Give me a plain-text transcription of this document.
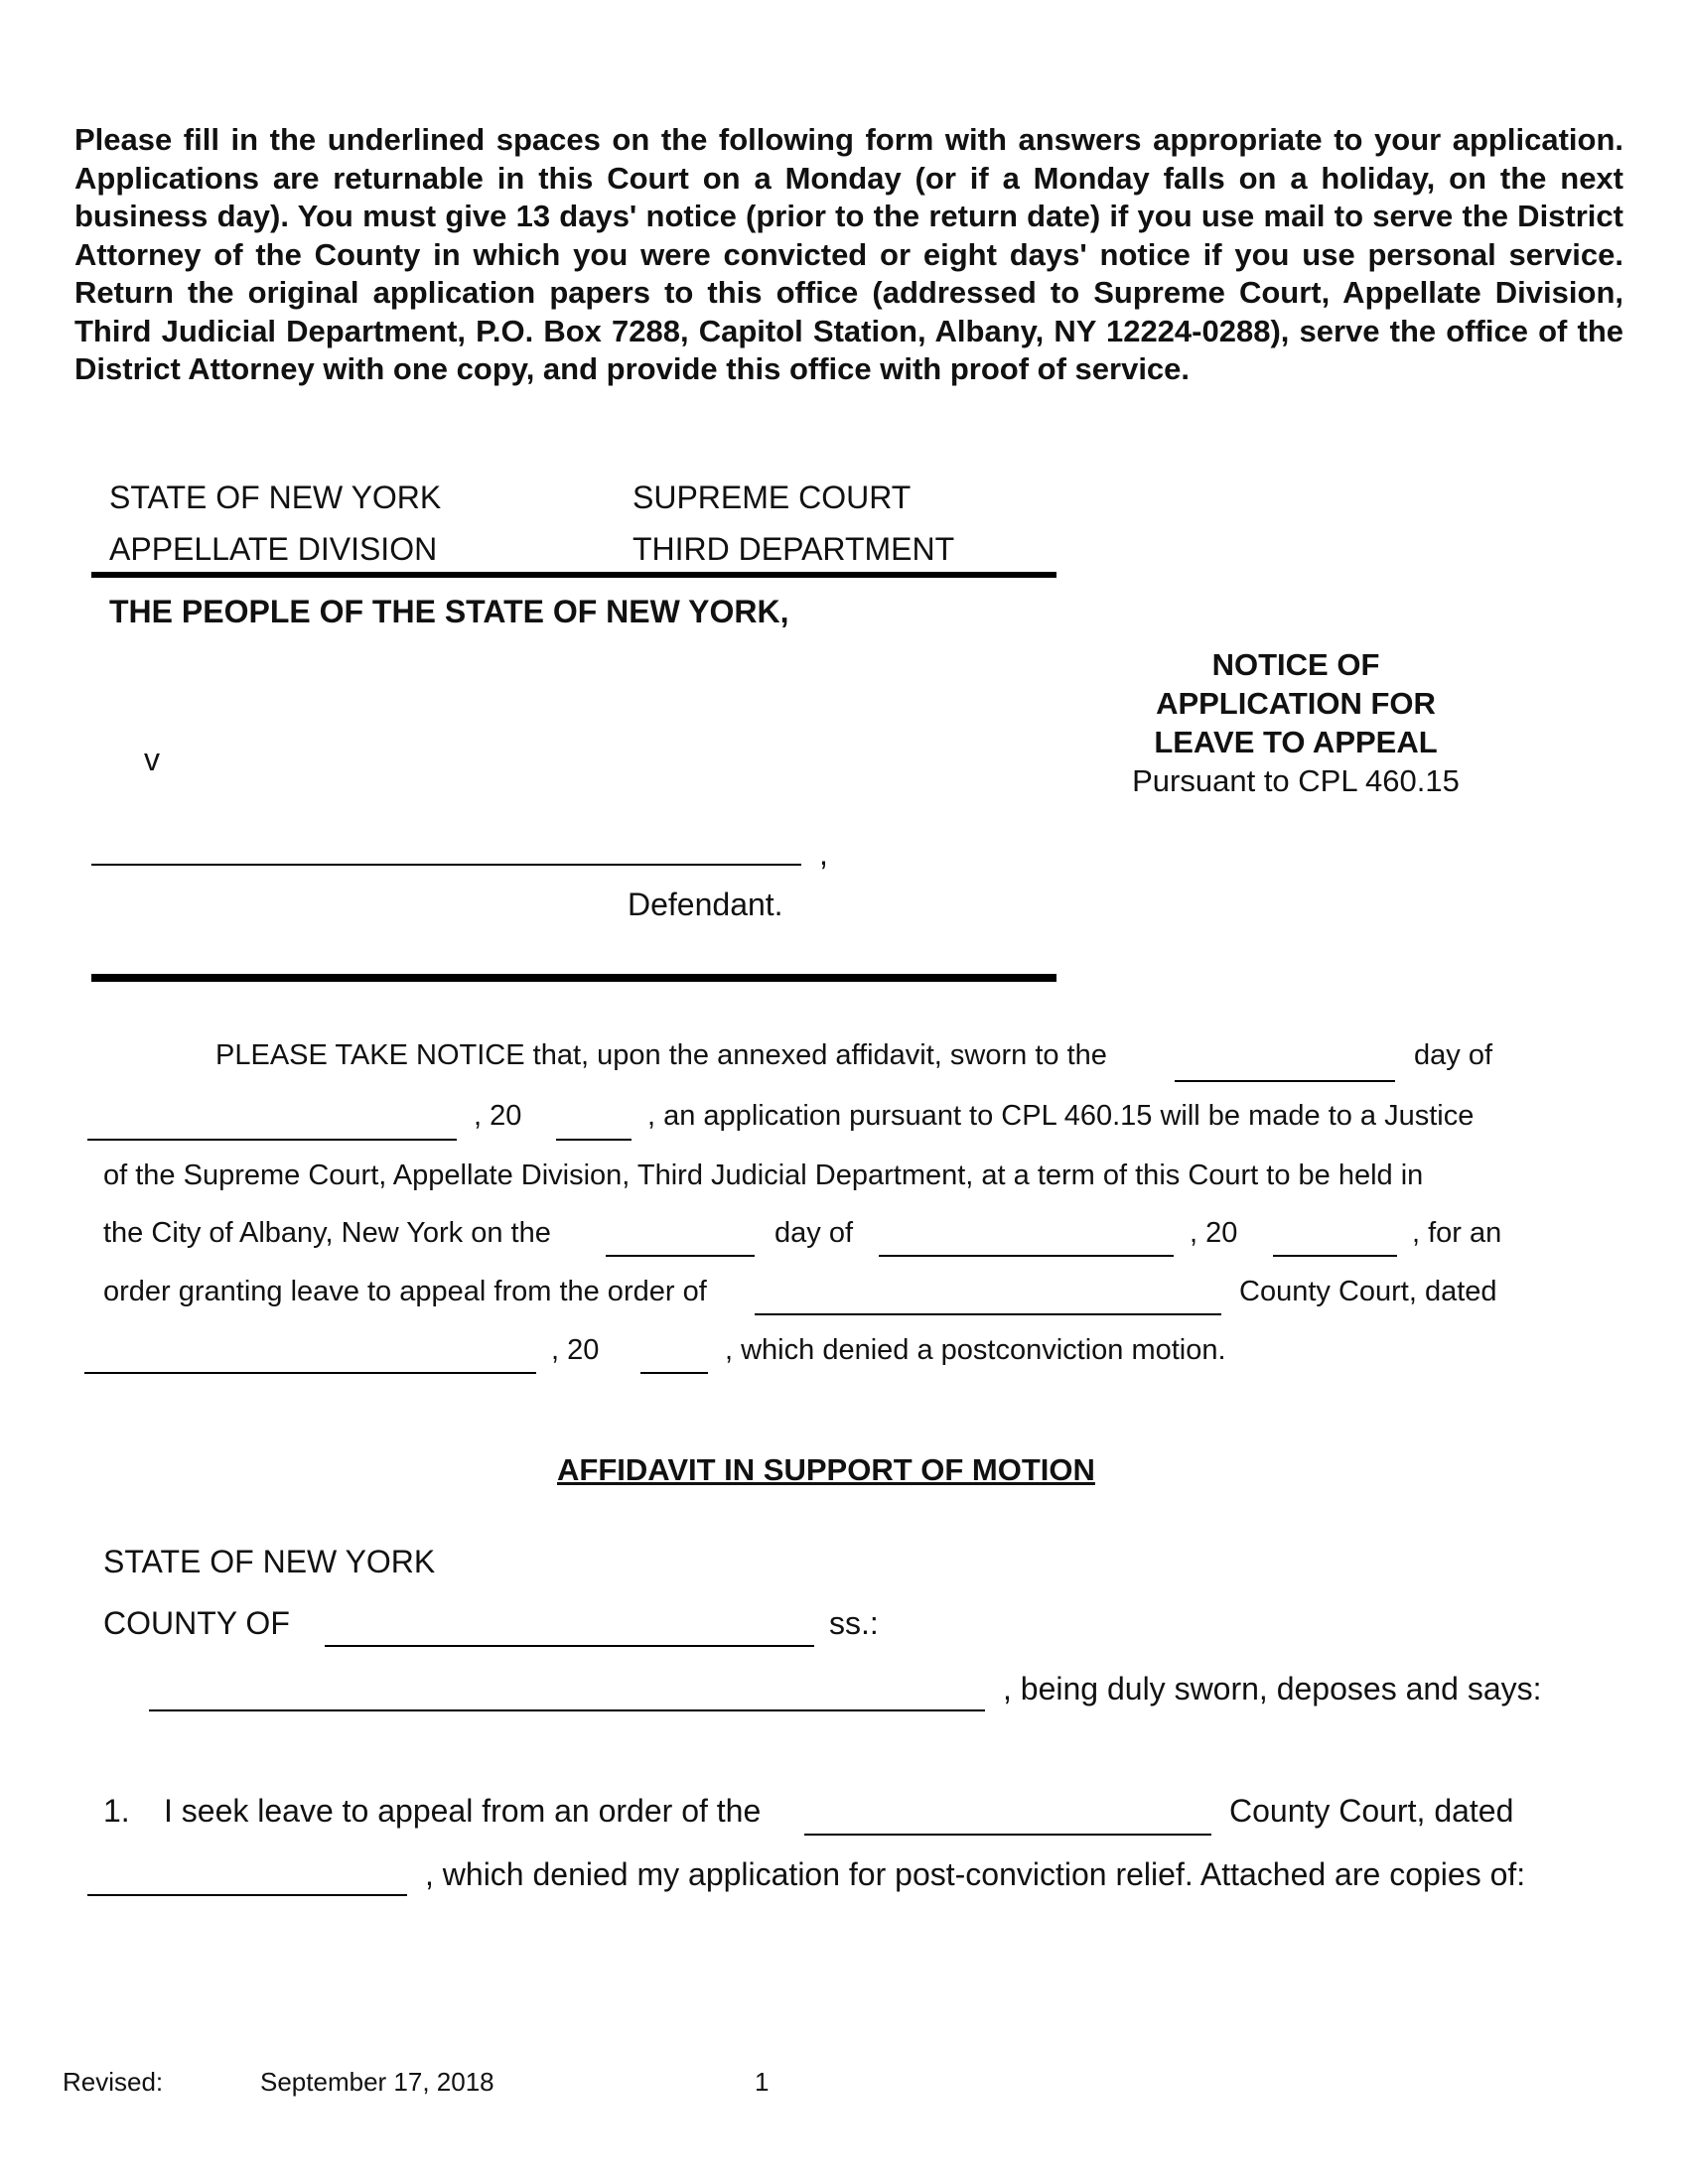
Please fill in the underlined spaces on the following form with answers appropriate to your application. Applications are returnable in this Court on a Monday (or if a Monday falls on a holiday, on the next business day). You must give 13 days' notice (prior to the return date) if you use mail to serve the District Attorney of the County in which you were convicted or eight days' notice if you use personal service. Return the original application papers to this office (addressed to Supreme Court, Appellate Division, Third Judicial Department, P.O. Box 7288, Capitol Station, Albany, NY 12224-0288), serve the office of the District Attorney with one copy, and provide this office with proof of service.
STATE OF NEW YORK	SUPREME COURT
APPELLATE DIVISION	THIRD DEPARTMENT
THE PEOPLE OF THE STATE OF NEW YORK,
v
,
Defendant.
NOTICE OF
APPLICATION FOR
LEAVE TO APPEAL
Pursuant to CPL 460.15
PLEASE TAKE NOTICE that, upon the annexed affidavit, sworn to the	day of
, 20	, an application pursuant to CPL 460.15 will be made to a Justice
of the Supreme Court, Appellate Division, Third Judicial Department, at a term of this Court to be held in
the City of Albany, New York on the	day of	, 20	, for an
order granting leave to appeal from the order of	County Court, dated
, 20	, which denied a postconviction motion.
AFFIDAVIT IN SUPPORT OF MOTION
STATE OF NEW YORK
COUNTY OF	ss.:
, being duly sworn, deposes and says:
1. I seek leave to appeal from an order of the	County Court, dated
, which denied my application for post-conviction relief. Attached are copies of:
Revised:	September 17, 2018	1
